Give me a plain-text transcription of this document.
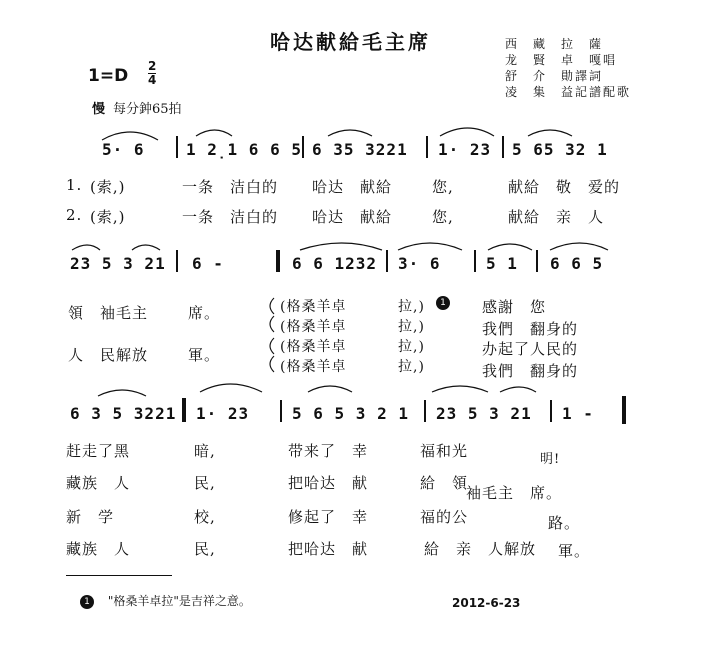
哈达献給毛主席
1=D 2
4
慢 每分鈡65拍
西　藏　拉　薩
龙　賢　卓　嘎唱
舒　介　勛譯詞
凌　集　益記譜配歌
5· 6	1 2̣1 6 6 5 6 35 3221 1· 23 5 65 32 1
1. (索,)	一条　洁白的 哈达　献給	您,	献給　敬　爱的
2. (索,)	一条　洁白的 哈达　献給	您,	献給　亲　人
23 5 3 21 6 -	6 6 1232 3· 6	5 1 6 6 5
領　袖毛主	席。
人　民解放	軍。
(格桑羊卓	拉,)	1 感謝　您
(格桑羊卓	拉,)	我們　翻身的
(格桑羊卓	拉,)	办起了人民的
(格桑羊卓	拉,)	我們　翻身的
6 3 5 3221 1· 23	5 6 5 3 2 1 23 5 3 21 1 -
赶走了黑	暗,	带来了　幸	福和光	明!
藏族　人	民,	把哈达　献	給　領
袖毛主　席。
新　学	校,	修起了　幸	福的公	路。
藏族　人	民,	把哈达　献	給　亲　人解放 軍。
1 "格桑羊卓拉"是吉祥之意。	2012-6-23
